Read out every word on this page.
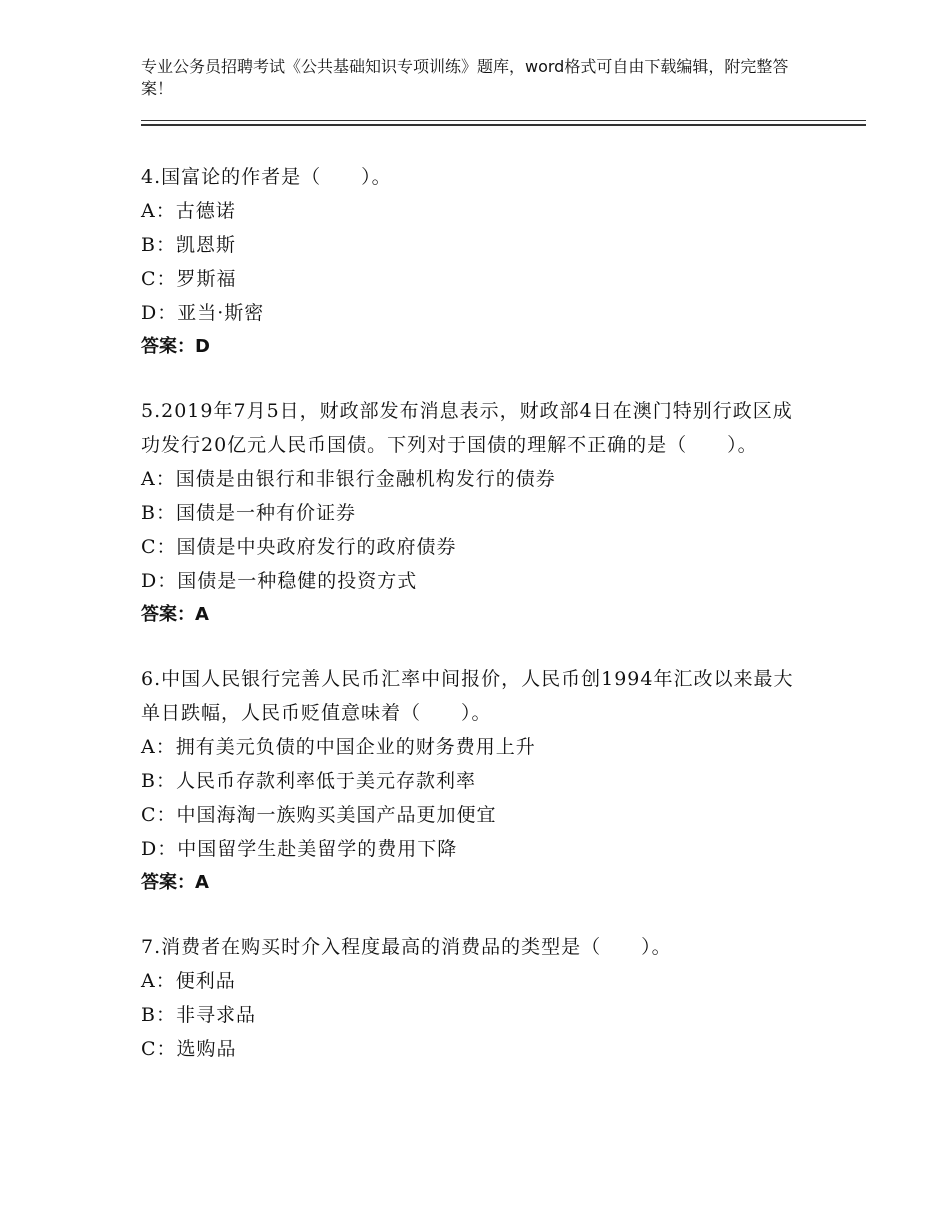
专业公务员招聘考试《公共基础知识专项训练》题库，word格式可自由下载编辑，附完整答案！
4.国富论的作者是（　　）。
A：古德诺
B：凯恩斯
C：罗斯福
D：亚当·斯密
答案：D
5.2019年7月5日，财政部发布消息表示，财政部4日在澳门特别行政区成功发行20亿元人民币国债。下列对于国债的理解不正确的是（　　）。
A：国债是由银行和非银行金融机构发行的债券
B：国债是一种有价证券
C：国债是中央政府发行的政府债券
D：国债是一种稳健的投资方式
答案：A
6.中国人民银行完善人民币汇率中间报价，人民币创1994年汇改以来最大单日跌幅，人民币贬值意味着（　　）。
A：拥有美元负债的中国企业的财务费用上升
B：人民币存款利率低于美元存款利率
C：中国海淘一族购买美国产品更加便宜
D：中国留学生赴美留学的费用下降
答案：A
7.消费者在购买时介入程度最高的消费品的类型是（　　）。
A：便利品
B：非寻求品
C：选购品
